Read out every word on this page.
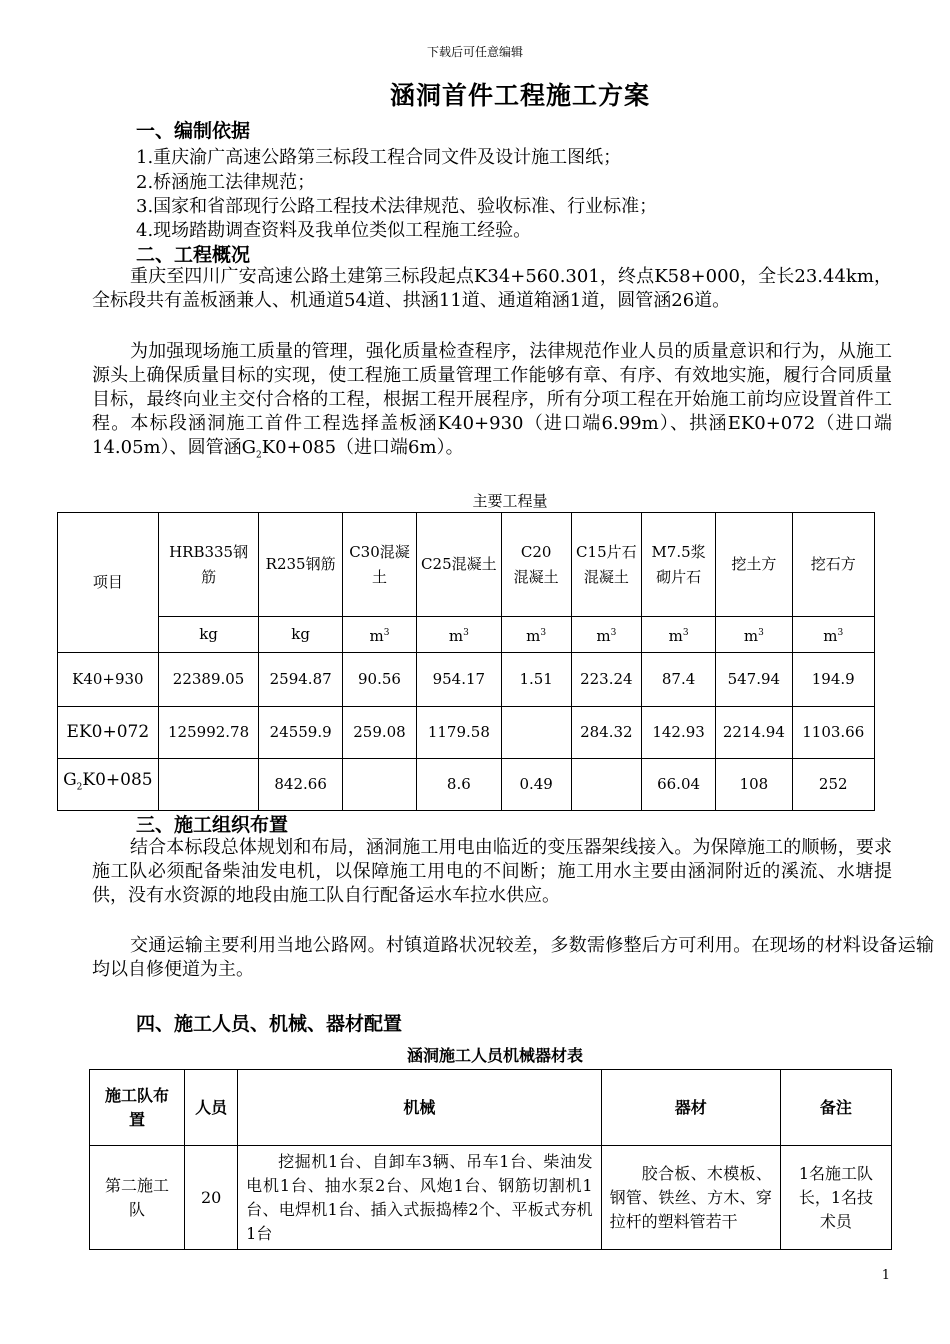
下载后可任意编辑
涵洞首件工程施工方案
一、编制依据
1.重庆渝广高速公路第三标段工程合同文件及设计施工图纸；
2.桥涵施工法律规范；
3.国家和省部现行公路工程技术法律规范、验收标准、行业标准；
4.现场踏勘调查资料及我单位类似工程施工经验。
二、工程概况
重庆至四川广安高速公路土建第三标段起点K34+560.301，终点K58+000，全长23.44km，全标段共有盖板涵兼人、机通道54道、拱涵11道、通道箱涵1道，圆管涵26道。
为加强现场施工质量的管理，强化质量检查程序，法律规范作业人员的质量意识和行为，从施工源头上确保质量目标的实现，使工程施工质量管理工作能够有章、有序、有效地实施，履行合同质量目标，最终向业主交付合格的工程，根据工程开展程序，所有分项工程在开始施工前均应设置首件工程。本标段涵洞施工首件工程选择盖板涵K40+930（进口端6.99m）、拱涵EK0+072（进口端14.05m）、圆管涵$G_2K0+085$（进口端6m）。
主要工程量
项目	HRB335钢筋	R235钢筋	C30混凝土	C25混凝土	C20混凝土	C15片石混凝土	M7.5浆砌片石	挖土方	挖石方
	kg	kg	$m^3$	$m^3$	$m^3$	$m^3$	$m^3$	$m^3$	$m^3$
K40+930	22389.05	2594.87	90.56	954.17	1.51	223.24	87.4	547.94	194.9
EK0+072	125992.78	24559.9	259.08	1179.58		284.32	142.93	2214.94	1103.66
$G_2K0+085$		842.66		8.6	0.49		66.04	108	252
三、施工组织布置
结合本标段总体规划和布局，涵洞施工用电由临近的变压器架线接入。为保障施工的顺畅，要求施工队必须配备柴油发电机，以保障施工用电的不间断；施工用水主要由涵洞附近的溪流、水塘提供，没有水资源的地段由施工队自行配备运水车拉水供应。
交通运输主要利用当地公路网。村镇道路状况较差，多数需修整后方可利用。在现场的材料设备运输均以自修便道为主。
四、施工人员、机械、器材配置
涵洞施工人员机械器材表
施工队布置	人员	机械	器材	备注
第二施工队	20	挖掘机1台、自卸车3辆、吊车1台、柴油发电机1台、抽水泵2台、风炮1台、钢筋切割机1台、电焊机1台、插入式振捣棒2个、平板式夯机1台	胶合板、木模板、钢管、铁丝、方木、穿拉杆的塑料管若干	1名施工队长，1名技术员
1
